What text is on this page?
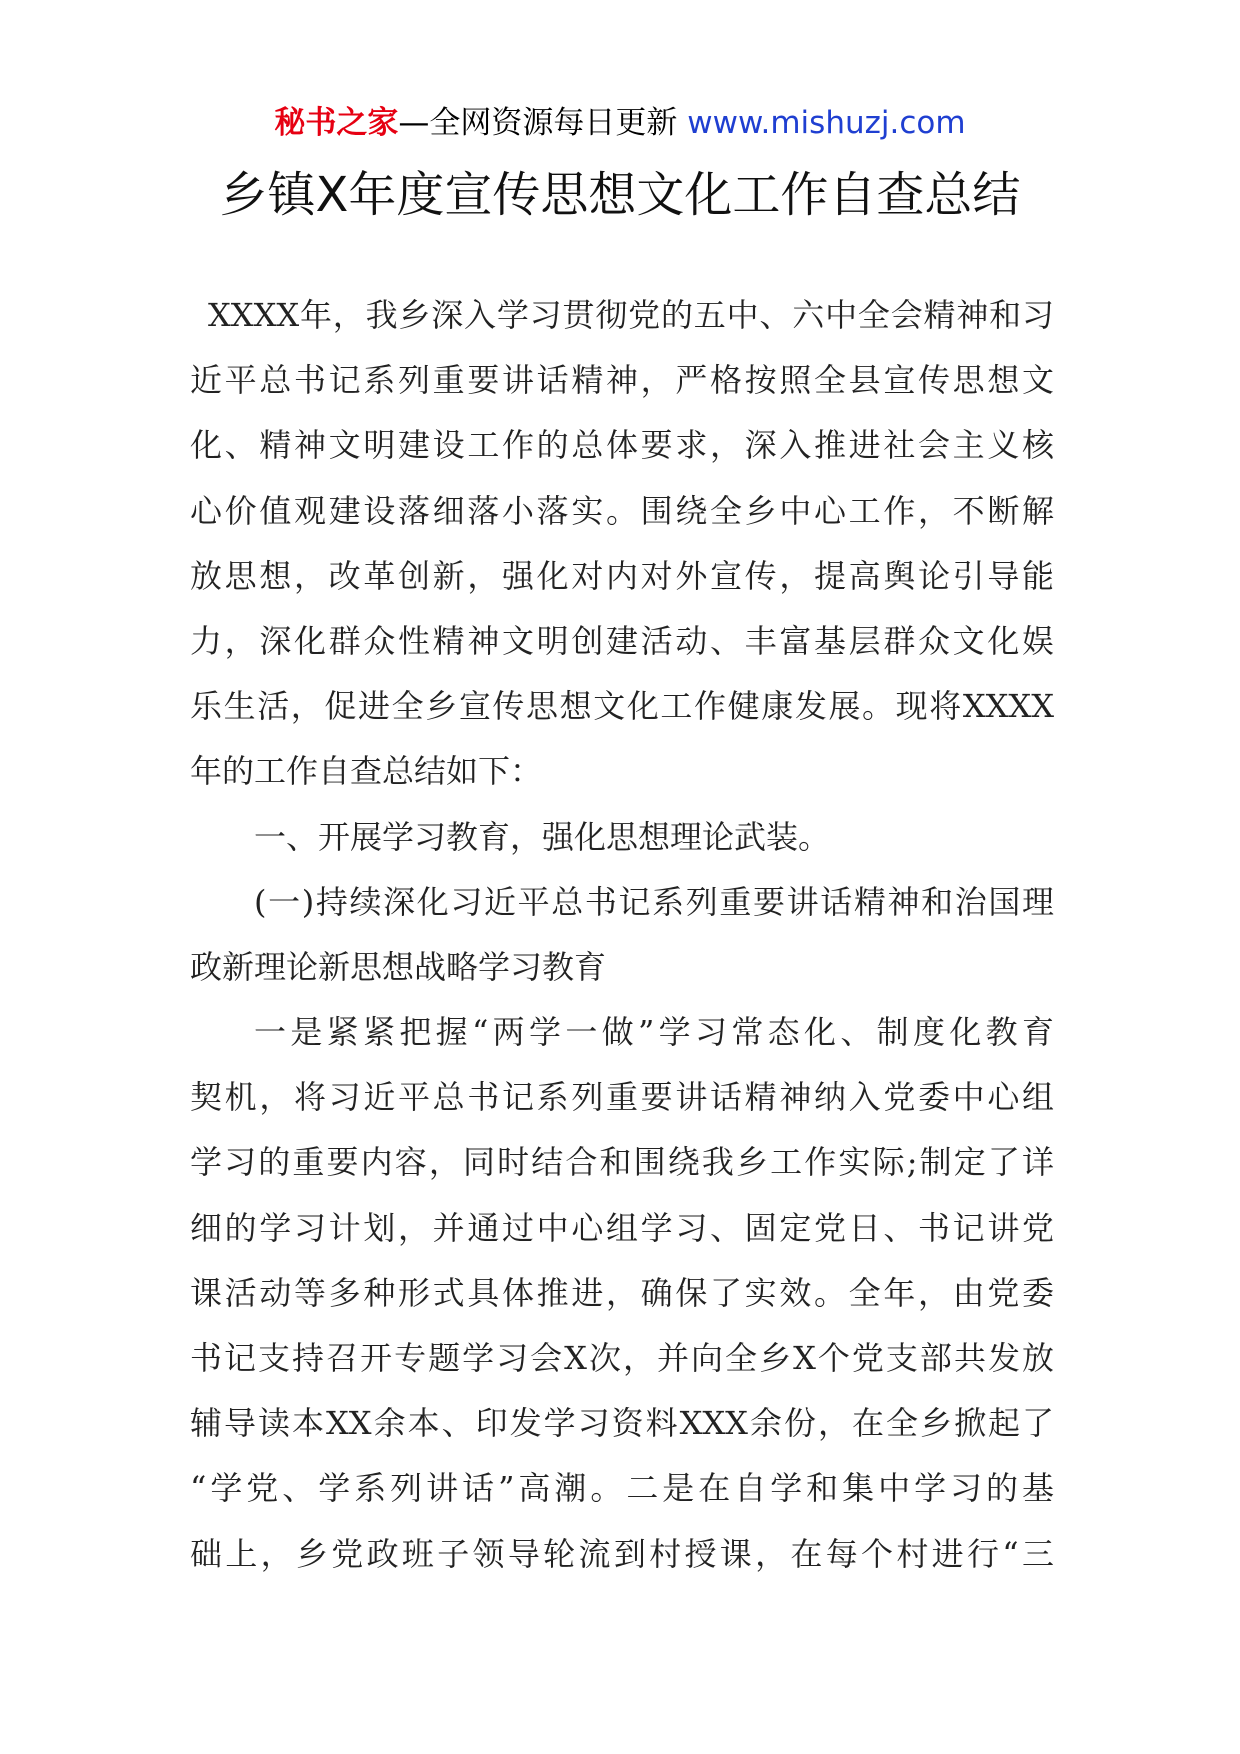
秘书之家—全网资源每日更新 www.mishuzj.com
乡镇X年度宣传思想文化工作自查总结
XXXX年，我乡深入学习贯彻党的五中、六中全会精神和习
近平总书记系列重要讲话精神，严格按照全县宣传思想文
化、精神文明建设工作的总体要求，深入推进社会主义核
心价值观建设落细落小落实。围绕全乡中心工作，不断解
放思想，改革创新，强化对内对外宣传，提高舆论引导能
力，深化群众性精神文明创建活动、丰富基层群众文化娱
乐生活，促进全乡宣传思想文化工作健康发展。现将XXXX
年的工作自查总结如下：
一、开展学习教育，强化思想理论武装。
(一)持续深化习近平总书记系列重要讲话精神和治国理
政新理论新思想战略学习教育
一是紧紧把握“两学一做”学习常态化、制度化教育
契机，将习近平总书记系列重要讲话精神纳入党委中心组
学习的重要内容，同时结合和围绕我乡工作实际;制定了详
细的学习计划，并通过中心组学习、固定党日、书记讲党
课活动等多种形式具体推进，确保了实效。全年，由党委
书记支持召开专题学习会X次，并向全乡X个党支部共发放
辅导读本XX余本、印发学习资料XXX余份，在全乡掀起了
“学党、学系列讲话”高潮。二是在自学和集中学习的基
础上，乡党政班子领导轮流到村授课，在每个村进行“三
